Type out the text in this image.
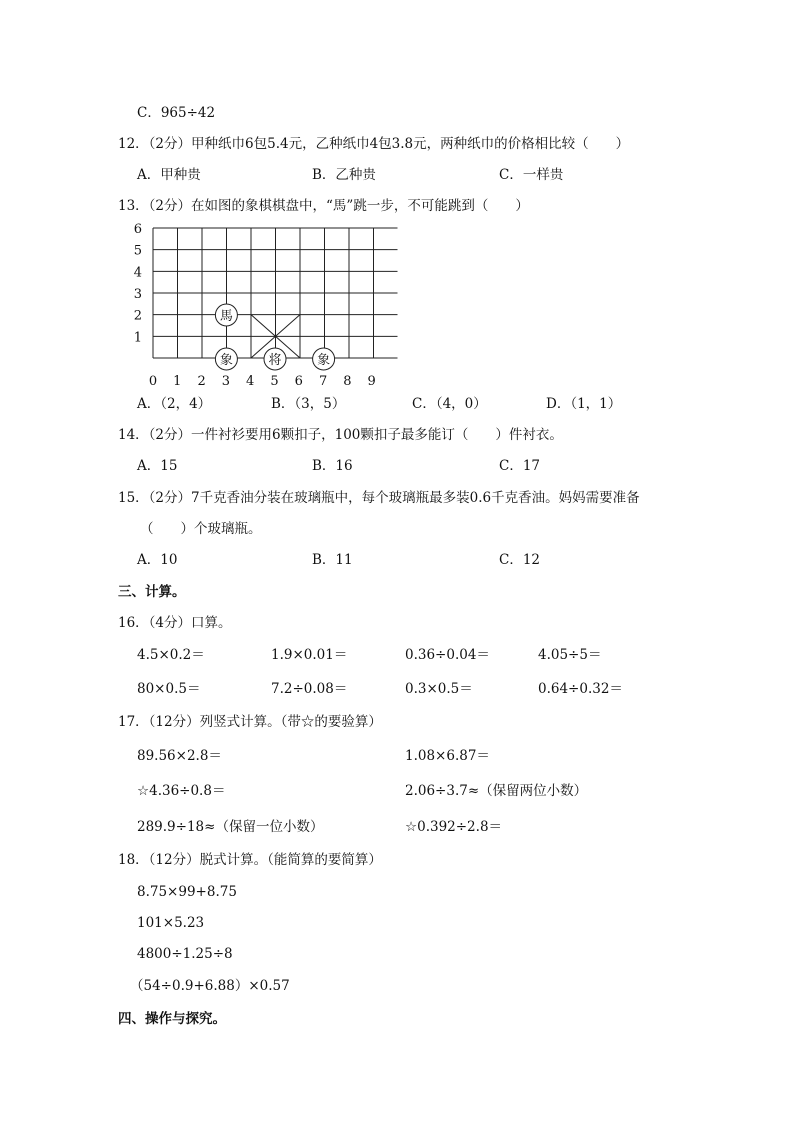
C．965÷42
12．（2分）甲种纸巾6包5.4元，乙种纸巾4包3.8元，两种纸巾的价格相比较（　　）
A．甲种贵	B．乙种贵	C．一样贵
13．（2分）在如图的象棋棋盘中，“馬”跳一步，不可能跳到（　　）
6
5
4
3
2
1
0 1 2 3 4 5 6 7 8 9
馬
象	将	象
A．（2，4）	B．（3，5）	C．（4，0）	D．（1，1）
14．（2分）一件衬衫要用6颗扣子，100颗扣子最多能订（　　）件衬衣。
A．15	B．16	C．17
15．（2分）7千克香油分装在玻璃瓶中，每个玻璃瓶最多装0.6千克香油。妈妈需要准备
（　　）个玻璃瓶。
A．10	B．11	C．12
三、计算。
16．（4分）口算。
4.5×0.2＝	1.9×0.01＝	0.36÷0.04＝	4.05÷5＝
80×0.5＝	7.2÷0.08＝	0.3×0.5＝	0.64÷0.32＝
17．（12分）列竖式计算。（带☆的要验算）
89.56×2.8＝	1.08×6.87＝
☆4.36÷0.8＝	2.06÷3.7≈（保留两位小数）
289.9÷18≈（保留一位小数）	☆0.392÷2.8＝
18．（12分）脱式计算。（能简算的要简算）
8.75×99+8.75
101×5.23
4800÷1.25÷8
（54÷0.9+6.88）×0.57
四、操作与探究。
